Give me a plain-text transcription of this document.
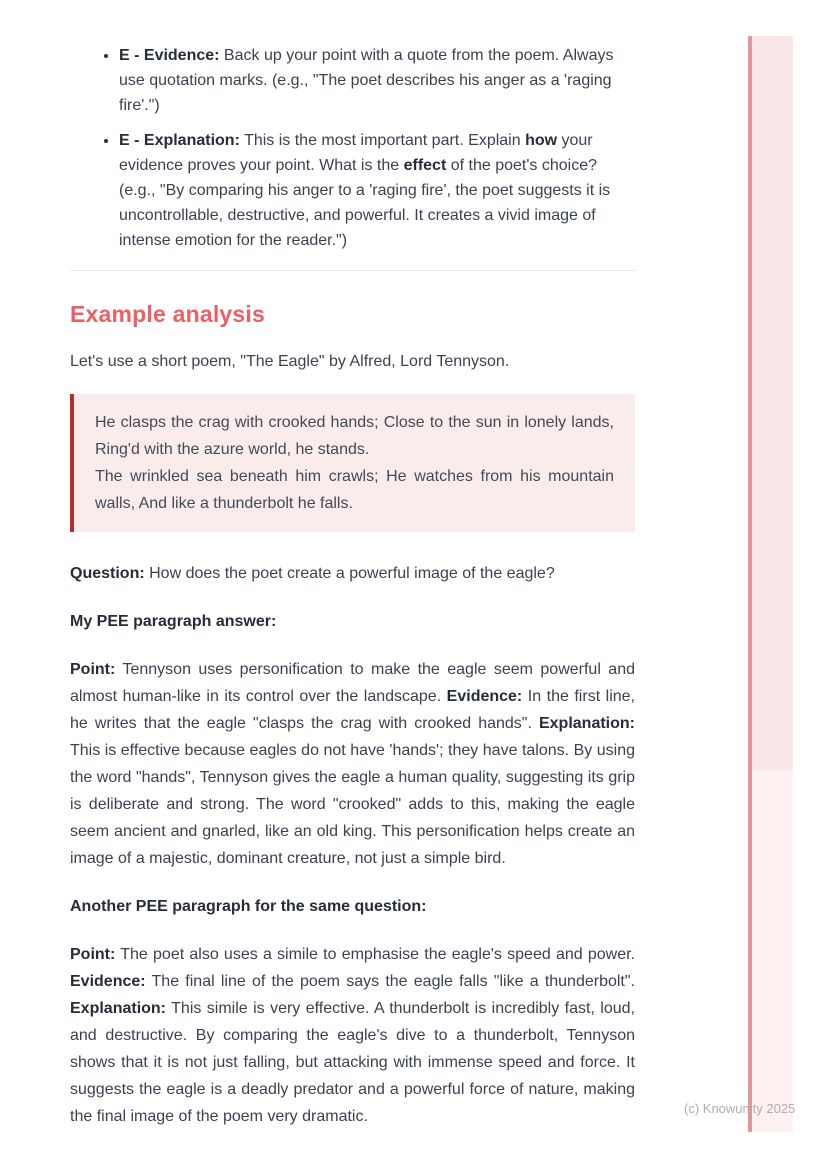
• E - Evidence: Back up your point with a quote from the poem. Always use quotation marks. (e.g., "The poet describes his anger as a 'raging fire'.")
• E - Explanation: This is the most important part. Explain how your evidence proves your point. What is the effect of the poet's choice? (e.g., "By comparing his anger to a 'raging fire', the poet suggests it is uncontrollable, destructive, and powerful. It creates a vivid image of intense emotion for the reader.")
Example analysis

Let's use a short poem, "The Eagle" by Alfred, Lord Tennyson.

He clasps the crag with crooked hands; Close to the sun in lonely lands, Ring'd with the azure world, he stands.
The wrinkled sea beneath him crawls; He watches from his mountain walls, And like a thunderbolt he falls.

Question: How does the poet create a powerful image of the eagle?

My PEE paragraph answer:

Point: Tennyson uses personification to make the eagle seem powerful and almost human-like in its control over the landscape. Evidence: In the first line, he writes that the eagle "clasps the crag with crooked hands". Explanation: This is effective because eagles do not have 'hands'; they have talons. By using the word "hands", Tennyson gives the eagle a human quality, suggesting its grip is deliberate and strong. The word "crooked" adds to this, making the eagle seem ancient and gnarled, like an old king. This personification helps create an image of a majestic, dominant creature, not just a simple bird.

Another PEE paragraph for the same question:

Point: The poet also uses a simile to emphasise the eagle's speed and power. Evidence: The final line of the poem says the eagle falls "like a thunderbolt". Explanation: This simile is very effective. A thunderbolt is incredibly fast, loud, and destructive. By comparing the eagle's dive to a thunderbolt, Tennyson shows that it is not just falling, but attacking with immense speed and force. It suggests the eagle is a deadly predator and a powerful force of nature, making the final image of the poem very dramatic.	(c) Knowunity 2025
